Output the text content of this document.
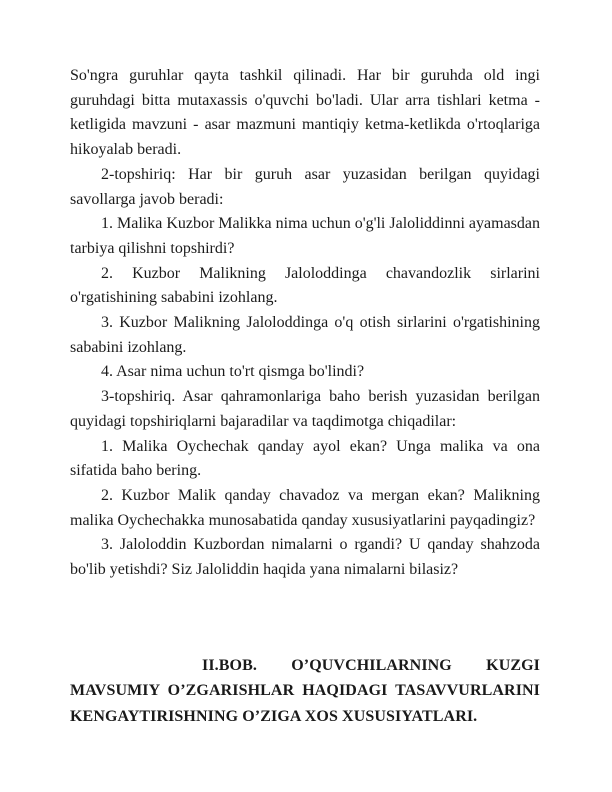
So'ngra guruhlar qayta tashkil qilinadi. Har bir guruhda old ingi guruhdagi bitta mutaxassis o'quvchi bo'ladi. Ular arra tishlari ketma -ketligida mavzuni - asar mazmuni mantiqiy ketma-ketlikda o'rtoqlariga hikoyalab beradi.

2-topshiriq: Har bir guruh asar yuzasidan berilgan quyidagi savollarga javob beradi:

1. Malika Kuzbor Malikka nima uchun o'g'li Jaloliddinni ayamasdan tarbiya qilishni topshirdi?

2. Kuzbor Malikning Jaloloddinga chavandozlik sirlarini o'rgatishining sababini izohlang.

3. Kuzbor Malikning Jaloloddinga o'q otish sirlarini o'rgatishining sababini izohlang.

4. Asar nima uchun to'rt qismga bo'lindi?

3-topshiriq. Asar qahramonlariga baho berish yuzasidan berilgan quyidagi topshiriqlarni bajaradilar va taqdimotga chiqadilar:

1. Malika Oychechak qanday ayol ekan? Unga malika va ona sifatida baho bering.

2. Kuzbor Malik qanday chavadoz va mergan ekan? Malikning malika Oychechakka munosabatida qanday xususiyatlarini payqadingiz?

3. Jaloloddin Kuzbordan nimalarni o rgandi? U qanday shahzoda bo'lib yetishdi? Siz Jaloliddin haqida yana nimalarni bilasiz?

II.BOB. O’QUVCHILARNING KUZGI MAVSUMIY O’ZGARISHLAR HAQIDAGI TASAVVURLARINI KENGAYTIRISHNING O’ZIGA XOS XUSUSIYATLARI.
